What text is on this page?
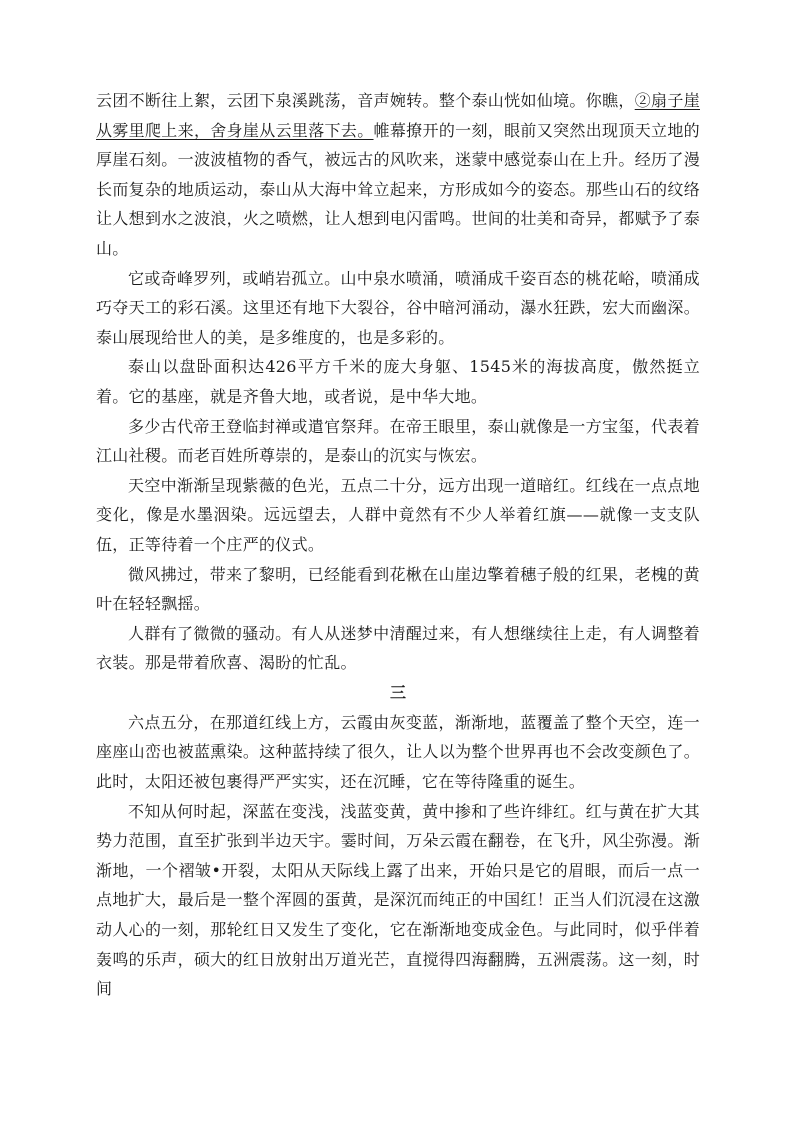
云团不断往上絮，云团下泉溪跳荡，音声婉转。整个泰山恍如仙境。你瞧，②扇子崖从雾里爬上来，舍身崖从云里落下去。帷幕撩开的一刻，眼前又突然出现顶天立地的厚崖石刻。一波波植物的香气，被远古的风吹来，迷蒙中感觉泰山在上升。经历了漫长而复杂的地质运动，泰山从大海中耸立起来，方形成如今的姿态。那些山石的纹络让人想到水之波浪，火之喷燃，让人想到电闪雷鸣。世间的壮美和奇异，都赋予了泰山。

它或奇峰罗列，或峭岩孤立。山中泉水喷涌，喷涌成千姿百态的桃花峪，喷涌成巧夺天工的彩石溪。这里还有地下大裂谷，谷中暗河涌动，瀑水狂跌，宏大而幽深。泰山展现给世人的美，是多维度的，也是多彩的。

泰山以盘卧面积达426平方千米的庞大身躯、1545米的海拔高度，傲然挺立着。它的基座，就是齐鲁大地，或者说，是中华大地。

多少古代帝王登临封禅或遣官祭拜。在帝王眼里，泰山就像是一方宝玺，代表着江山社稷。而老百姓所尊崇的，是泰山的沉实与恢宏。

天空中渐渐呈现紫薇的色光，五点二十分，远方出现一道暗红。红线在一点点地变化，像是水墨洇染。远远望去，人群中竟然有不少人举着红旗——就像一支支队伍，正等待着一个庄严的仪式。

微风拂过，带来了黎明，已经能看到花楸在山崖边擎着穗子般的红果，老槐的黄叶在轻轻飘摇。

人群有了微微的骚动。有人从迷梦中清醒过来，有人想继续往上走，有人调整着衣装。那是带着欣喜、渴盼的忙乱。

三

六点五分，在那道红线上方，云霞由灰变蓝，渐渐地，蓝覆盖了整个天空，连一座座山峦也被蓝熏染。这种蓝持续了很久，让人以为整个世界再也不会改变颜色了。此时，太阳还被包裹得严严实实，还在沉睡，它在等待隆重的诞生。

不知从何时起，深蓝在变浅，浅蓝变黄，黄中掺和了些许绯红。红与黄在扩大其势力范围，直至扩张到半边天宇。霎时间，万朵云霞在翻卷，在飞升，风尘弥漫。渐渐地，一个褶皱•开裂，太阳从天际线上露了出来，开始只是它的眉眼，而后一点一点地扩大，最后是一整个浑圆的蛋黄，是深沉而纯正的中国红！正当人们沉浸在这激动人心的一刻，那轮红日又发生了变化，它在渐渐地变成金色。与此同时，似乎伴着轰鸣的乐声，硕大的红日放射出万道光芒，直搅得四海翻腾，五洲震荡。这一刻，时间
